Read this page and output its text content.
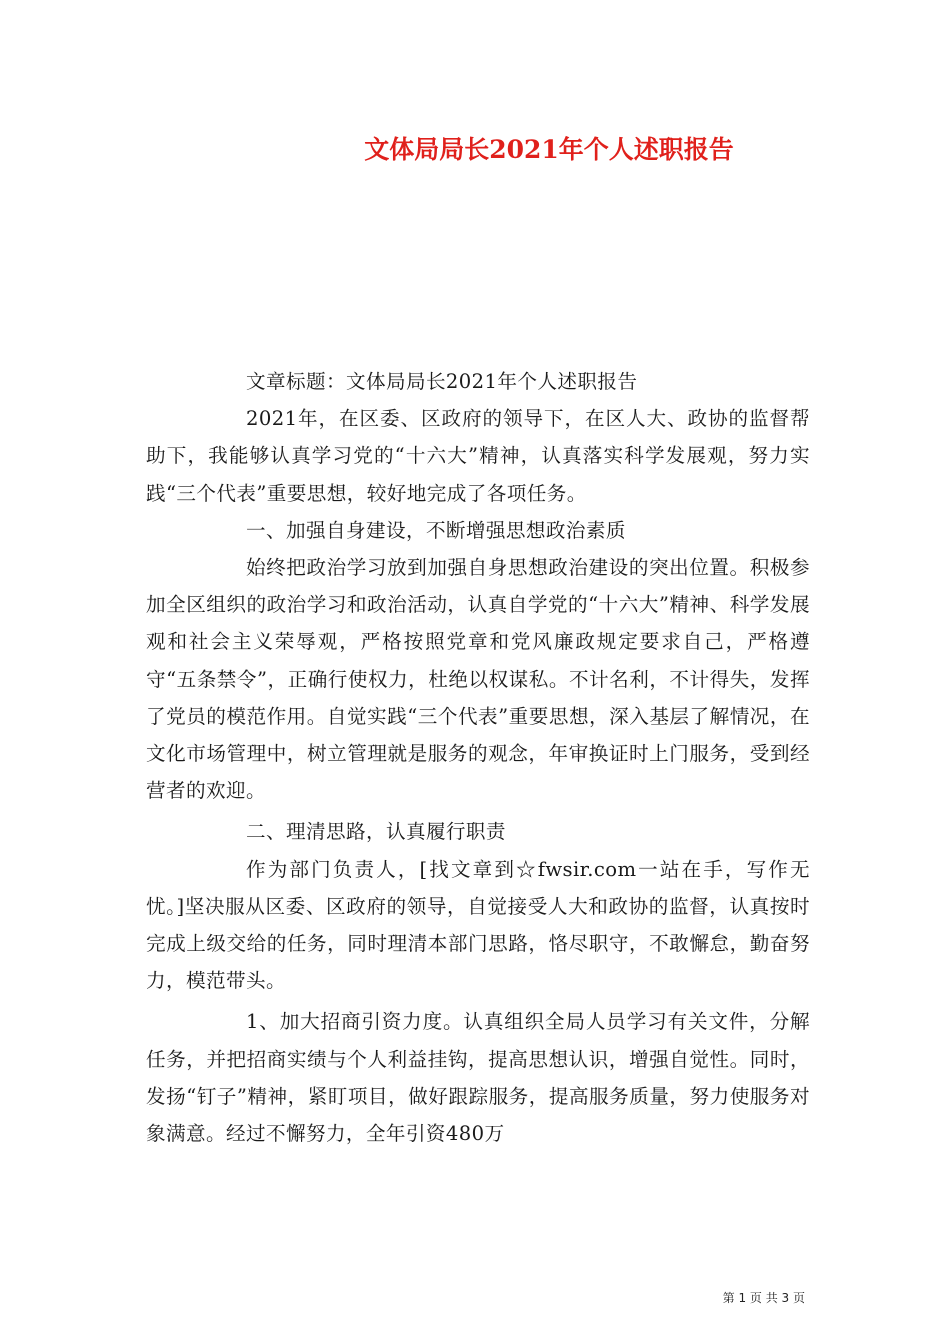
文体局局长2021年个人述职报告

文章标题：文体局局长2021年个人述职报告

2021年，在区委、区政府的领导下，在区人大、政协的监督帮助下，我能够认真学习党的“十六大”精神，认真落实科学发展观，努力实践“三个代表”重要思想，较好地完成了各项任务。

一、加强自身建设，不断增强思想政治素质

始终把政治学习放到加强自身思想政治建设的突出位置。积极参加全区组织的政治学习和政治活动，认真自学党的“十六大”精神、科学发展观和社会主义荣辱观，严格按照党章和党风廉政规定要求自己，严格遵守“五条禁令”，正确行使权力，杜绝以权谋私。不计名利，不计得失，发挥了党员的模范作用。自觉实践“三个代表”重要思想，深入基层了解情况，在文化市场管理中，树立管理就是服务的观念，年审换证时上门服务，受到经营者的欢迎。

二、理清思路，认真履行职责

作为部门负责人，[找文章到☆fwsir.com一站在手，写作无忧。]坚决服从区委、区政府的领导，自觉接受人大和政协的监督，认真按时完成上级交给的任务，同时理清本部门思路，恪尽职守，不敢懈怠，勤奋努力，模范带头。

1、加大招商引资力度。认真组织全局人员学习有关文件，分解任务，并把招商实绩与个人利益挂钩，提高思想认识，增强自觉性。同时，发扬“钉子”精神，紧盯项目，做好跟踪服务，提高服务质量，努力使服务对象满意。经过不懈努力，全年引资480万

第 1 页 共 3 页
